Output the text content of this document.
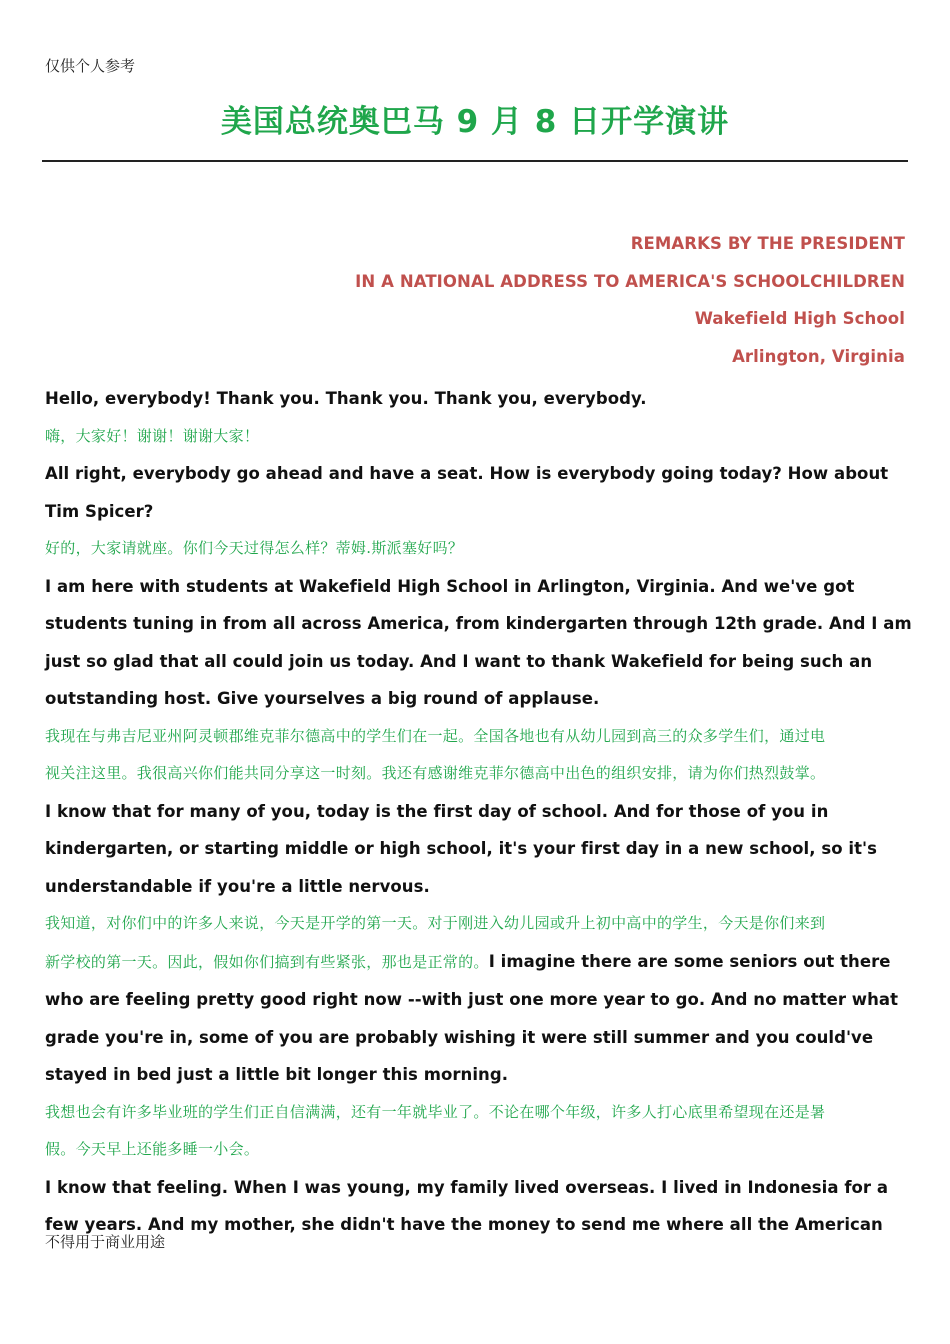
仅供个人参考
美国总统奥巴马 9 月 8 日开学演讲
REMARKS BY THE PRESIDENT
IN A NATIONAL ADDRESS TO AMERICA'S SCHOOLCHILDREN
Wakefield High School
Arlington, Virginia

Hello, everybody! Thank you. Thank you. Thank you, everybody.

嗨，大家好！谢谢！谢谢大家！

All right, everybody go ahead and have a seat. How is everybody going today? How about

Tim Spicer?

好的，大家请就座。你们今天过得怎么样？蒂姆.斯派塞好吗？

I am here with students at Wakefield High School in Arlington, Virginia. And we've got

students tuning in from all across America, from kindergarten through 12th grade. And I am

just so glad that all could join us today. And I want to thank Wakefield for being such an

outstanding host. Give yourselves a big round of applause.

我现在与弗吉尼亚州阿灵顿郡维克菲尔德高中的学生们在一起。全国各地也有从幼儿园到高三的众多学生们，通过电

视关注这里。我很高兴你们能共同分享这一时刻。我还有感谢维克菲尔德高中出色的组织安排，请为你们热烈鼓掌。

I know that for many of you, today is the first day of school. And for those of you in

kindergarten, or starting middle or high school, it's your first day in a new school, so it's

understandable if you're a little nervous.

我知道，对你们中的许多人来说，今天是开学的第一天。对于刚进入幼儿园或升上初中高中的学生，今天是你们来到

新学校的第一天。因此，假如你们搞到有些紧张，那也是正常的。I imagine there are some seniors out there

who are feeling pretty good right now --with just one more year to go. And no matter what

grade you're in, some of you are probably wishing it were still summer and you could've

stayed in bed just a little bit longer this morning.

我想也会有许多毕业班的学生们正自信满满，还有一年就毕业了。不论在哪个年级，许多人打心底里希望现在还是暑

假。今天早上还能多睡一小会。

I know that feeling. When I was young, my family lived overseas. I lived in Indonesia for a

few years. And my mother, she didn't have the money to send me where all the American

不得用于商业用途
